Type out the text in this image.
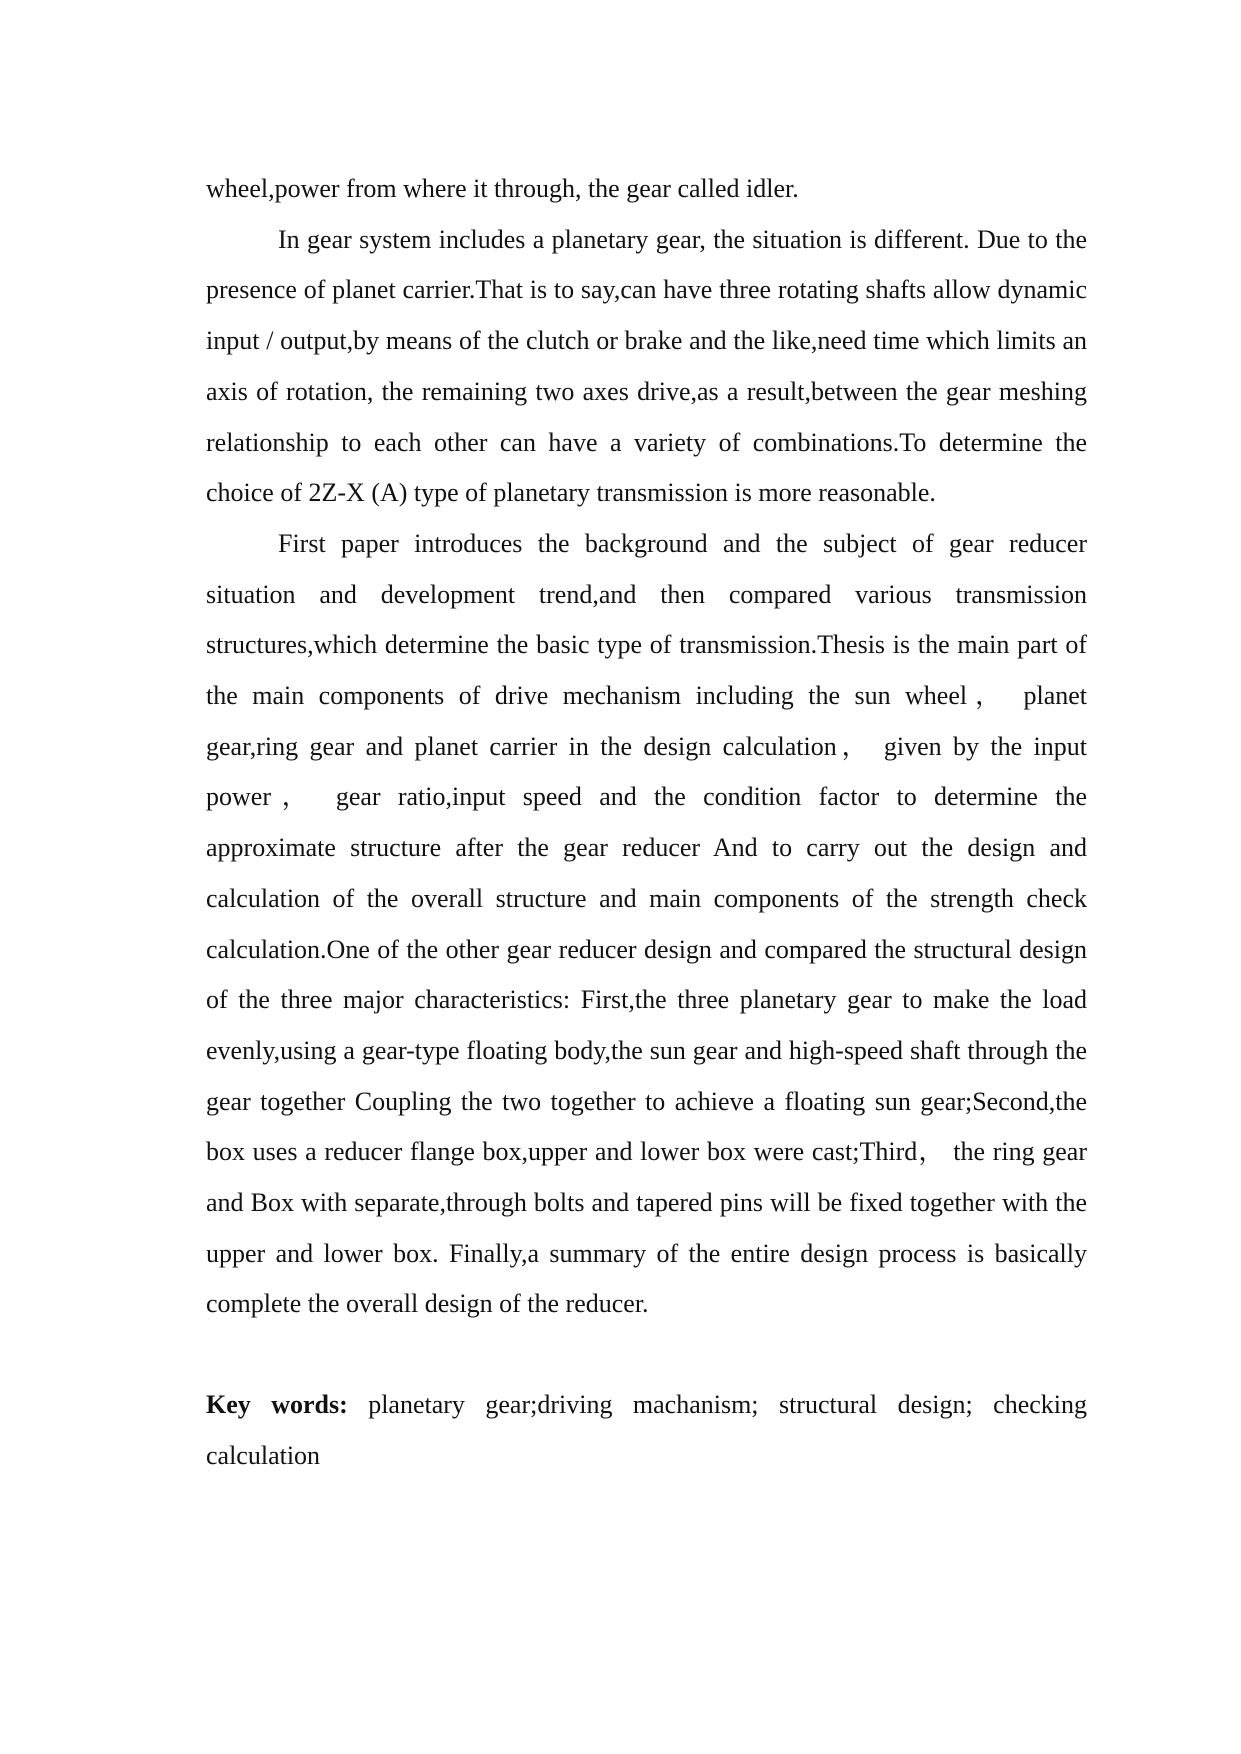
wheel,power from where it through, the gear called idler.

In gear system includes a planetary gear, the situation is different. Due to the presence of planet carrier.That is to say,can have three rotating shafts allow dynamic input / output,by means of the clutch or brake and the like,need time which limits an axis of rotation, the remaining two axes drive,as a result,between the gear meshing relationship to each other can have a variety of combinations.To determine the choice of 2Z-X (A) type of planetary transmission is more reasonable.

First paper introduces the background and the subject of gear reducer situation and development trend,and then compared various transmission structures,which determine the basic type of transmission.Thesis is the main part of the main components of drive mechanism including the sun wheel， planet gear,ring gear and planet carrier in the design calculation， given by the input power， gear ratio,input speed and the condition factor to determine the approximate structure after the gear reducer And to carry out the design and calculation of the overall structure and main components of the strength check calculation.One of the other gear reducer design and compared the structural design of the three major characteristics: First,the three planetary gear to make the load evenly,using a gear-type floating body,the sun gear and high-speed shaft through the gear together Coupling the two together to achieve a floating sun gear;Second,the box uses a reducer flange box,upper and lower box were cast;Third， the ring gear and Box with separate,through bolts and tapered pins will be fixed together with the upper and lower box. Finally,a summary of the entire design process is basically complete the overall design of the reducer.

Key words: planetary gear;driving machanism; structural design; checking calculation
